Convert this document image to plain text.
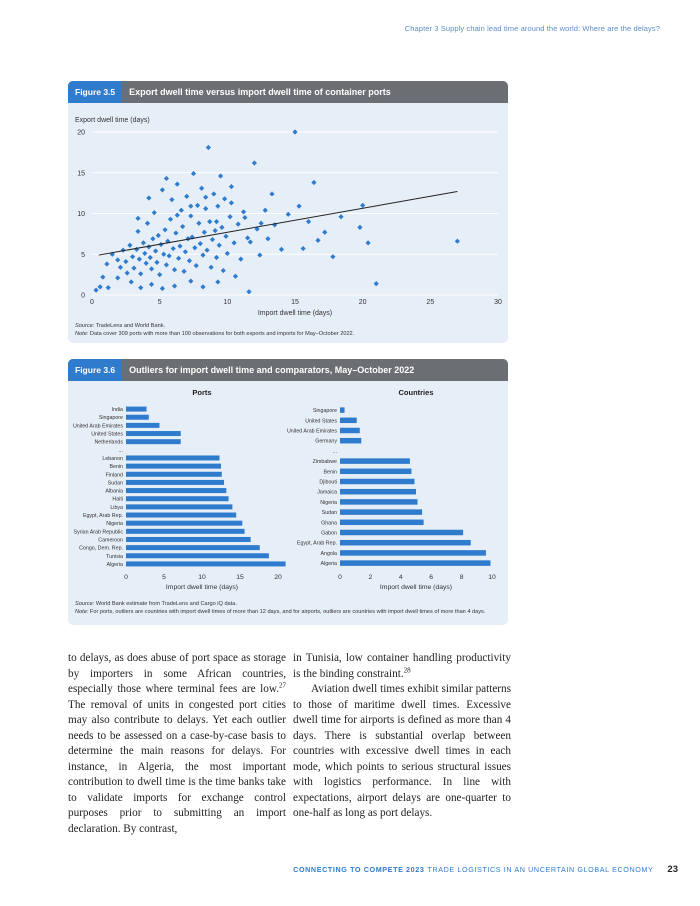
Chapter 3 Supply chain lead time around the world: Where are the delays?
Figure 3.5	Export dwell time versus import dwell time of container ports
Export dwell time (days)
0
5
10
15
20
0	5	10	15	20	25	30
Import dwell time (days)
Source: TradeLens and World Bank.
Note: Data cover 309 ports with more than 100 observations for both exports and imports for May–October 2022.
Figure 3.6	Outliers for import dwell time and comparators, May–October 2022
Ports
India
Singapore
United Arab Emirates
United States
Netherlands
...
Lebanon
Benin
Finland
Sudan
Albania
Haiti
Libya
Egypt, Arab Rep.
Nigeria
Syrian Arab Republic
Cameroon
Congo, Dem. Rep.
Tunisia
Algeria
0	5	10	15	20
Import dwell time (days)
Countries
Singapore
United States
United Arab Emirates
Germany
...
Zimbabwe
Benin
Djibouti
Jamaica
Nigeria
Sudan
Ghana
Gabon
Egypt, Arab Rep.
Angola
Algeria
0	2	4	6	8	10
Import dwell time (days)
Source: World Bank estimate from TradeLens and Cargo iQ data.
Note: For ports, outliers are countries with import dwell times of more than 12 days, and for airports, outliers are countries with import dwell times of more than 4 days.

to delays, as does abuse of port space as storage by importers in some African countries, especially those where terminal fees are low.$^{27}$ The removal of units in congested port cities may also contribute to delays. Yet each outlier needs to be assessed on a case-by-case basis to determine the main reasons for delays. For instance, in Algeria, the most important contribution to dwell time is the time banks take to validate imports for exchange control purposes prior to submitting an import declaration. By contrast,

in Tunisia, low container handling productivity is the binding constraint.$^{28}$

Aviation dwell times exhibit similar patterns to those of maritime dwell times. Excessive dwell time for airports is defined as more than 4 days. There is substantial overlap between countries with excessive dwell times in each mode, which points to serious structural issues with logistics performance. In line with expectations, airport delays are one-quarter to one-half as long as port delays.

CONNECTING TO COMPETE 2023 TRADE LOGISTICS IN AN UNCERTAIN GLOBAL ECONOMY 23
